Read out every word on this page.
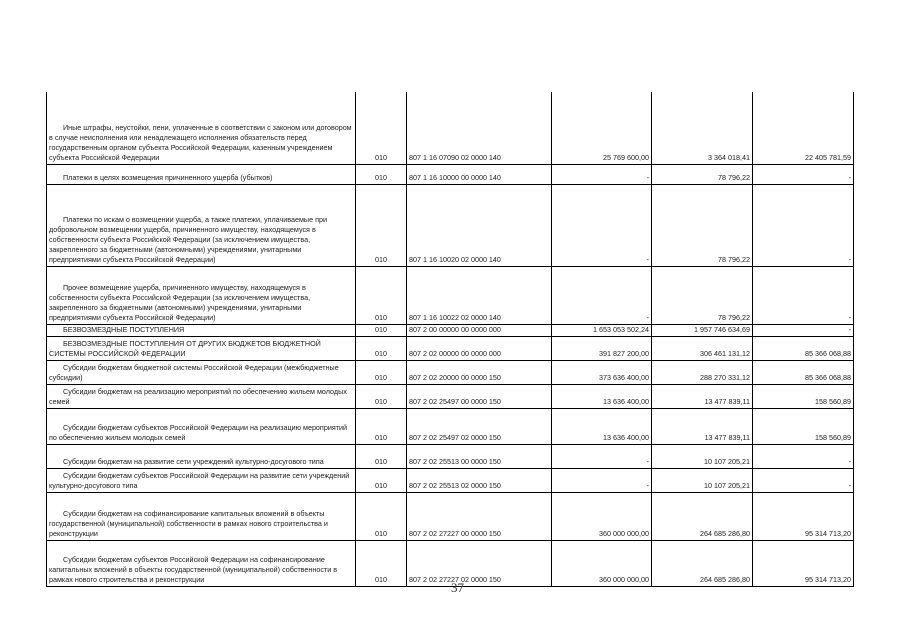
Иные штрафы, неустойки, пени, уплаченные в соответствии с законом или договором в случае неисполнения или ненадлежащего исполнения обязательств перед государственным органом субъекта Российской Федерации, казенным учреждением субъекта Российской Федерации	010	807 1 16 07090 02 0000 140	25 769 600,00	3 364 018,41	22 405 781,59
Платежи в целях возмещения причиненного ущерба (убытков)	010	807 1 16 10000 00 0000 140	-	78 796,22	-
Платежи по искам о возмещении ущерба, а также платежи, уплачиваемые при добровольном возмещении ущерба, причиненного имуществу, находящемуся в собственности субъекта Российской Федерации (за исключением имущества, закрепленного за бюджетными (автономными) учреждениями, унитарными предприятиями субъекта Российской Федерации)	010	807 1 16 10020 02 0000 140	-	78 796,22	-
Прочее возмещение ущерба, причиненного имуществу, находящемуся в собственности субъекта Российской Федерации (за исключением имущества, закрепленного за бюджетными (автономными) учреждениями, унитарными предприятиями субъекта Российской Федерации)	010	807 1 16 10022 02 0000 140	-	78 796,22	-
БЕЗВОЗМЕЗДНЫЕ ПОСТУПЛЕНИЯ	010	807 2 00 00000 00 0000 000	1 653 053 502,24	1 957 746 634,69	-
БЕЗВОЗМЕЗДНЫЕ ПОСТУПЛЕНИЯ ОТ ДРУГИХ БЮДЖЕТОВ БЮДЖЕТНОЙ СИСТЕМЫ РОССИЙСКОЙ ФЕДЕРАЦИИ	010	807 2 02 00000 00 0000 000	391 827 200,00	306 461 131,12	85 366 068,88
Субсидии бюджетам бюджетной системы Российской Федерации (межбюджетные субсидии)	010	807 2 02 20000 00 0000 150	373 636 400,00	288 270 331,12	85 366 068,88
Субсидии бюджетам на реализацию мероприятий по обеспечению жильем молодых семей	010	807 2 02 25497 00 0000 150	13 636 400,00	13 477 839,11	158 560,89
Субсидии бюджетам субъектов Российской Федерации на реализацию мероприятий по обеспечению жильем молодых семей	010	807 2 02 25497 02 0000 150	13 636 400,00	13 477 839,11	158 560,89
Субсидии бюджетам на развитие сети учреждений культурно-досугового типа	010	807 2 02 25513 00 0000 150	-	10 107 205,21	-
Субсидии бюджетам субъектов Российской Федерации на развитие сети учреждений культурно-досугового типа	010	807 2 02 25513 02 0000 150	-	10 107 205,21	-
Субсидии бюджетам на софинансирование капитальных вложений в объекты государственной (муниципальной) собственности в рамках нового строительства и реконструкции	010	807 2 02 27227 00 0000 150	360 000 000,00	264 685 286,80	95 314 713,20
Субсидии бюджетам субъектов Российской Федерации на софинансирование капитальных вложений в объекты государственной (муниципальной) собственности в рамках нового строительства и реконструкции	010	807 2 02 27227 02 0000 150	360 000 000,00	264 685 286,80	95 314 713,20
37
